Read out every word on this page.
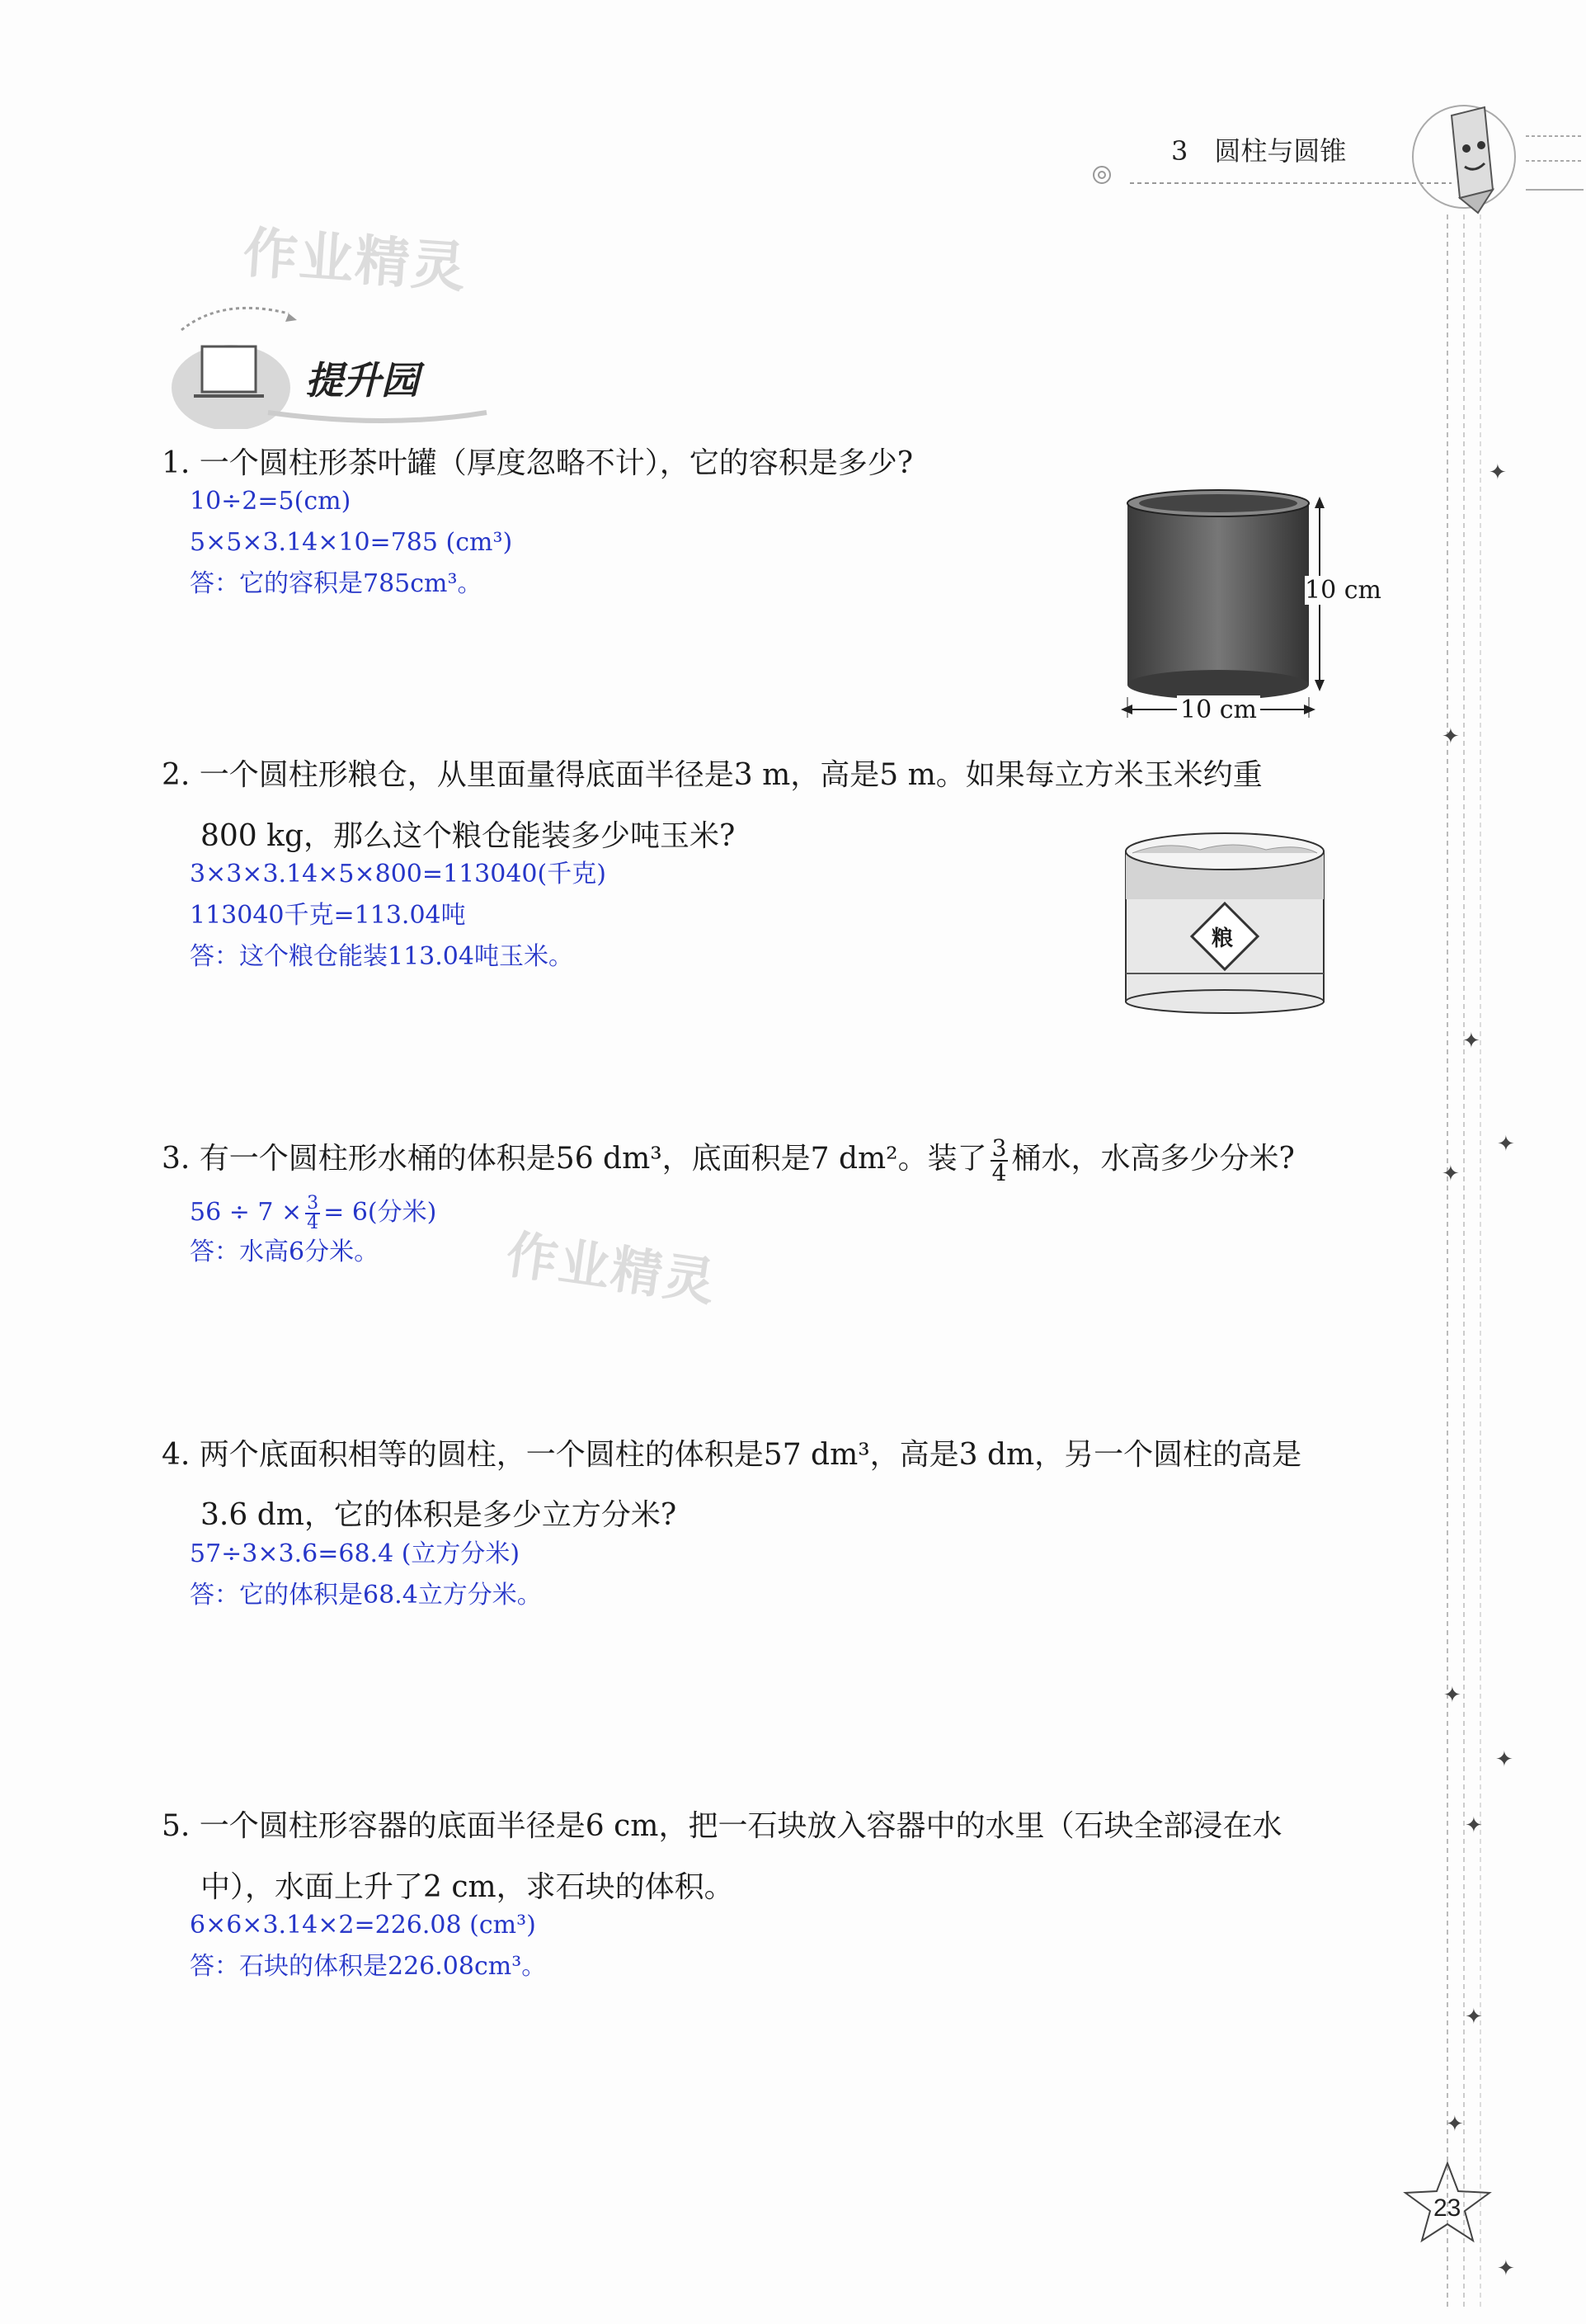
3　圆柱与圆锥
✦
✦
✦
✦
✦
✦
✦
✦
✦
✦
✦
23
作业精灵
作业精灵
提升园
1. 一个圆柱形茶叶罐（厚度忽略不计），它的容积是多少?
10÷2=5(cm)
5×5×3.14×10=785 (cm³)
答：它的容积是785cm³。	10 cm
10 cm
2. 一个圆柱形粮仓，从里面量得底面半径是3 m，高是5 m。如果每立方米玉米约重
800 kg，那么这个粮仓能装多少吨玉米?
3×3×3.14×5×800=113040(千克)
113040千克=113.04吨
答：这个粮仓能装113.04吨玉米。
粮
3. 有一个圆柱形水桶的体积是56 dm³，底面积是7 dm²。装了 $\frac{3}{4}$ 桶水，水高多少分米?
$56 \div 7 \times \frac{3}{4} = 6$(分米)
答：水高6分米。
4. 两个底面积相等的圆柱，一个圆柱的体积是57 dm³，高是3 dm，另一个圆柱的高是
3.6 dm，它的体积是多少立方分米?
57÷3×3.6=68.4 (立方分米)
答：它的体积是68.4立方分米。
5. 一个圆柱形容器的底面半径是6 cm，把一石块放入容器中的水里（石块全部浸在水
中），水面上升了2 cm，求石块的体积。
6×6×3.14×2=226.08 (cm³)
答：石块的体积是226.08cm³。
